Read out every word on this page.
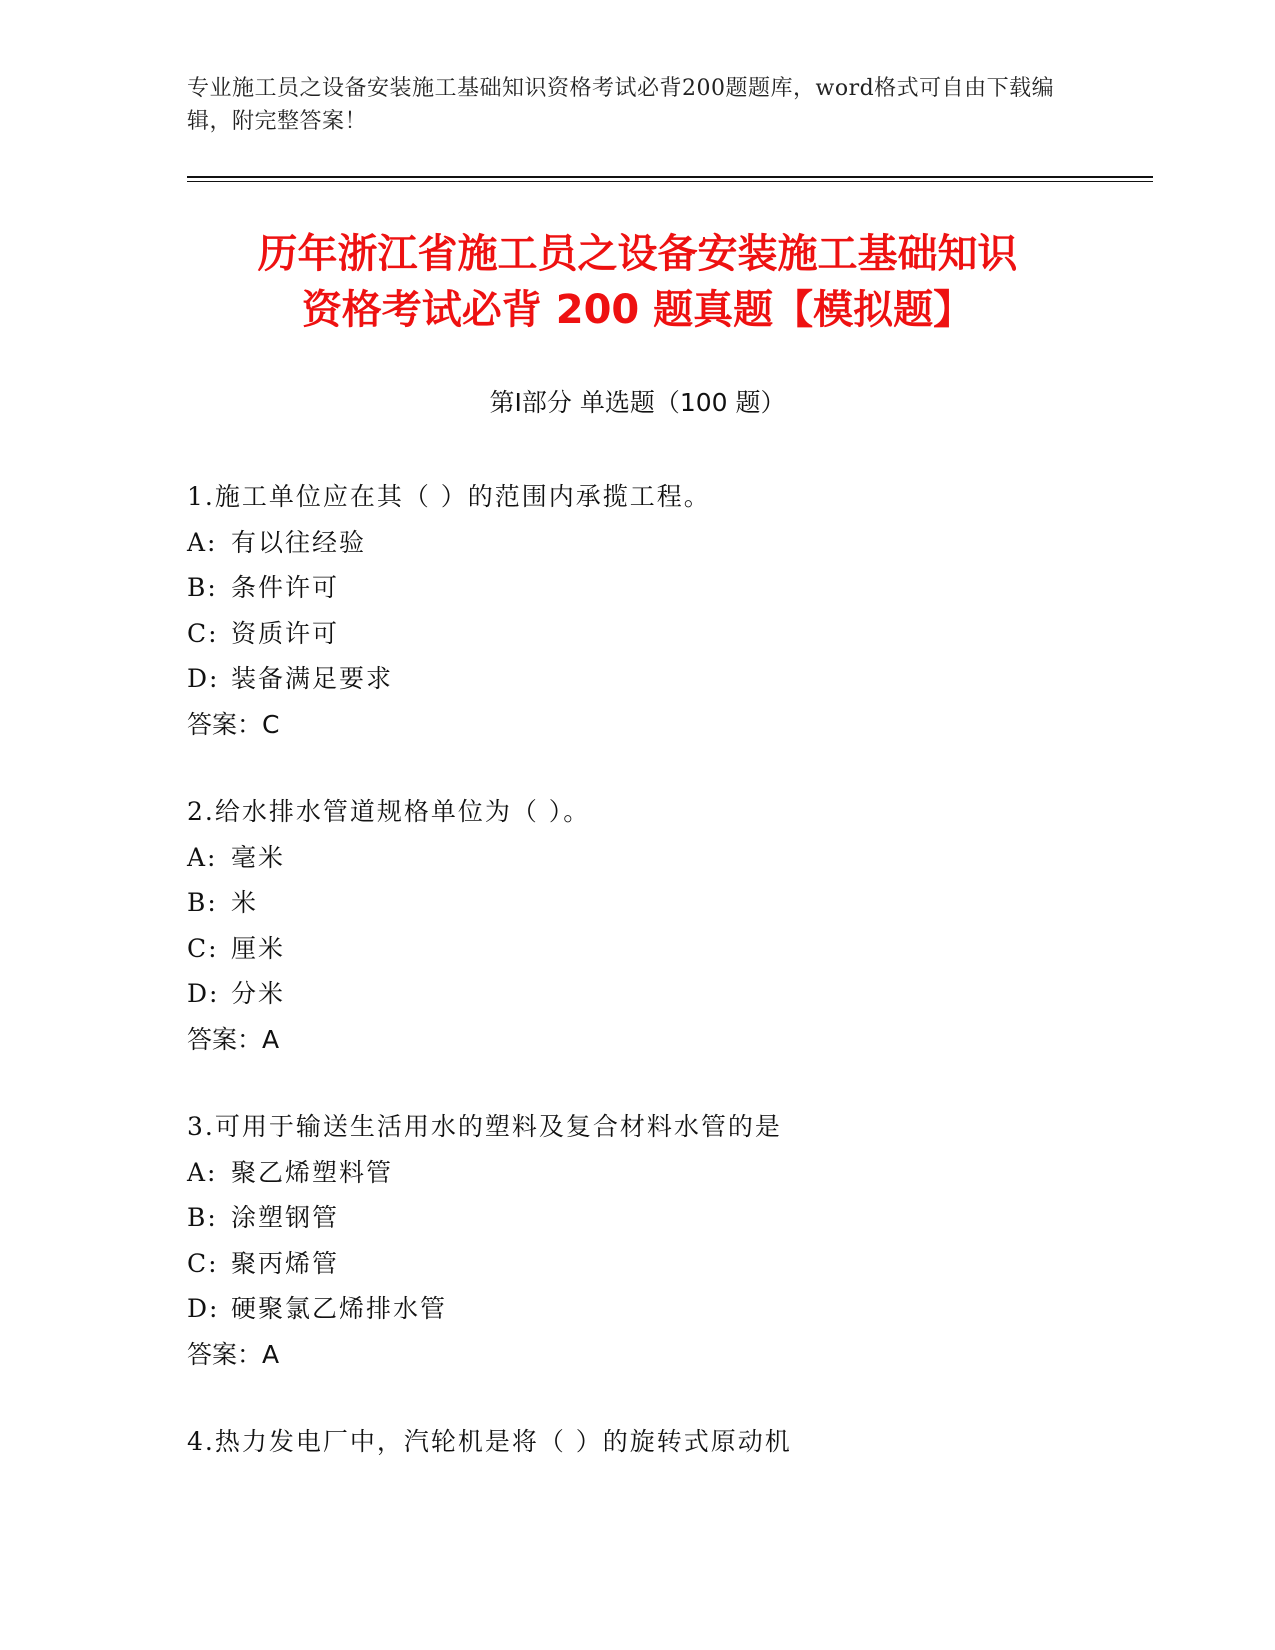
专业施工员之设备安装施工基础知识资格考试必背200题题库，word格式可自由下载编辑，附完整答案！
历年浙江省施工员之设备安装施工基础知识
资格考试必背 200 题真题【模拟题】
第Ⅰ部分 单选题（100 题）
1.施工单位应在其（ ）的范围内承揽工程。
A: 有以往经验
B: 条件许可
C: 资质许可
D: 装备满足要求
答案：C
2.给水排水管道规格单位为（ ）。
A: 毫米
B: 米
C: 厘米
D: 分米
答案：A
3.可用于输送生活用水的塑料及复合材料水管的是
A: 聚乙烯塑料管
B: 涂塑钢管
C: 聚丙烯管
D: 硬聚氯乙烯排水管
答案：A
4.热力发电厂中，汽轮机是将（ ）的旋转式原动机
